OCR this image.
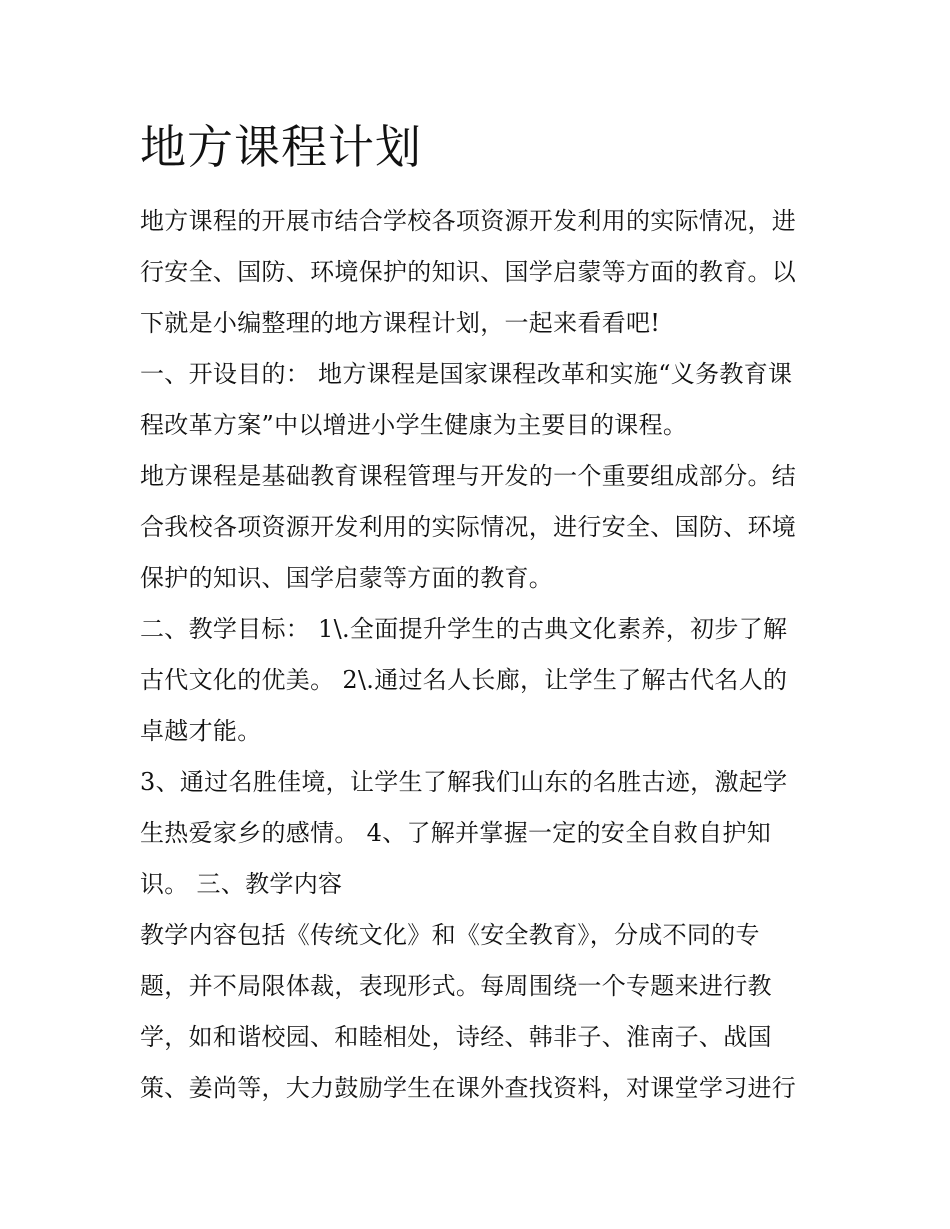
地方课程计划
地方课程的开展市结合学校各项资源开发利用的实际情况，进
行安全、国防、环境保护的知识、国学启蒙等方面的教育。以
下就是小编整理的地方课程计划，一起来看看吧!
一、开设目的： 地方课程是国家课程改革和实施“义务教育课
程改革方案”中以增进小学生健康为主要目的课程。
地方课程是基础教育课程管理与开发的一个重要组成部分。结
合我校各项资源开发利用的实际情况，进行安全、国防、环境
保护的知识、国学启蒙等方面的教育。
二、教学目标： 1\.全面提升学生的古典文化素养，初步了解
古代文化的优美。 2\.通过名人长廊，让学生了解古代名人的
卓越才能。
3、通过名胜佳境，让学生了解我们山东的名胜古迹，激起学
生热爱家乡的感情。 4、了解并掌握一定的安全自救自护知
识。 三、教学内容
教学内容包括《传统文化》和《安全教育》，分成不同的专
题，并不局限体裁，表现形式。每周围绕一个专题来进行教
学，如和谐校园、和睦相处，诗经、韩非子、淮南子、战国
策、姜尚等，大力鼓励学生在课外查找资料，对课堂学习进行
